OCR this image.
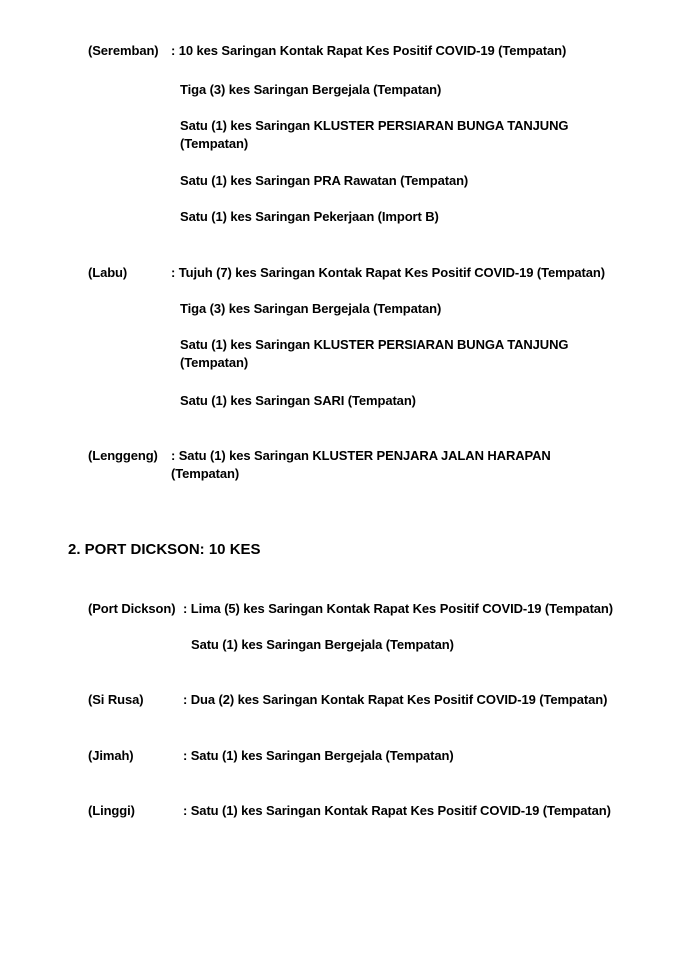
(Seremban) : 10 kes Saringan Kontak Rapat Kes Positif COVID-19 (Tempatan)
Tiga (3) kes Saringan Bergejala (Tempatan)
Satu (1) kes Saringan KLUSTER PERSIARAN BUNGA TANJUNG (Tempatan)
Satu (1) kes Saringan PRA Rawatan (Tempatan)
Satu (1) kes Saringan Pekerjaan (Import B)
(Labu)	: Tujuh (7) kes Saringan Kontak Rapat Kes Positif COVID-19 (Tempatan)
Tiga (3) kes Saringan Bergejala (Tempatan)
Satu (1) kes Saringan KLUSTER PERSIARAN BUNGA TANJUNG (Tempatan)
Satu (1) kes Saringan SARI (Tempatan)
(Lenggeng) : Satu (1) kes Saringan KLUSTER PENJARA JALAN HARAPAN (Tempatan)
2. PORT DICKSON: 10 KES
(Port Dickson) : Lima (5) kes Saringan Kontak Rapat Kes Positif COVID-19 (Tempatan)
Satu (1) kes Saringan Bergejala (Tempatan)
(Si Rusa)	: Dua (2) kes Saringan Kontak Rapat Kes Positif COVID-19 (Tempatan)
(Jimah)	: Satu (1) kes Saringan Bergejala (Tempatan)
(Linggi)	: Satu (1) kes Saringan Kontak Rapat Kes Positif COVID-19 (Tempatan)
